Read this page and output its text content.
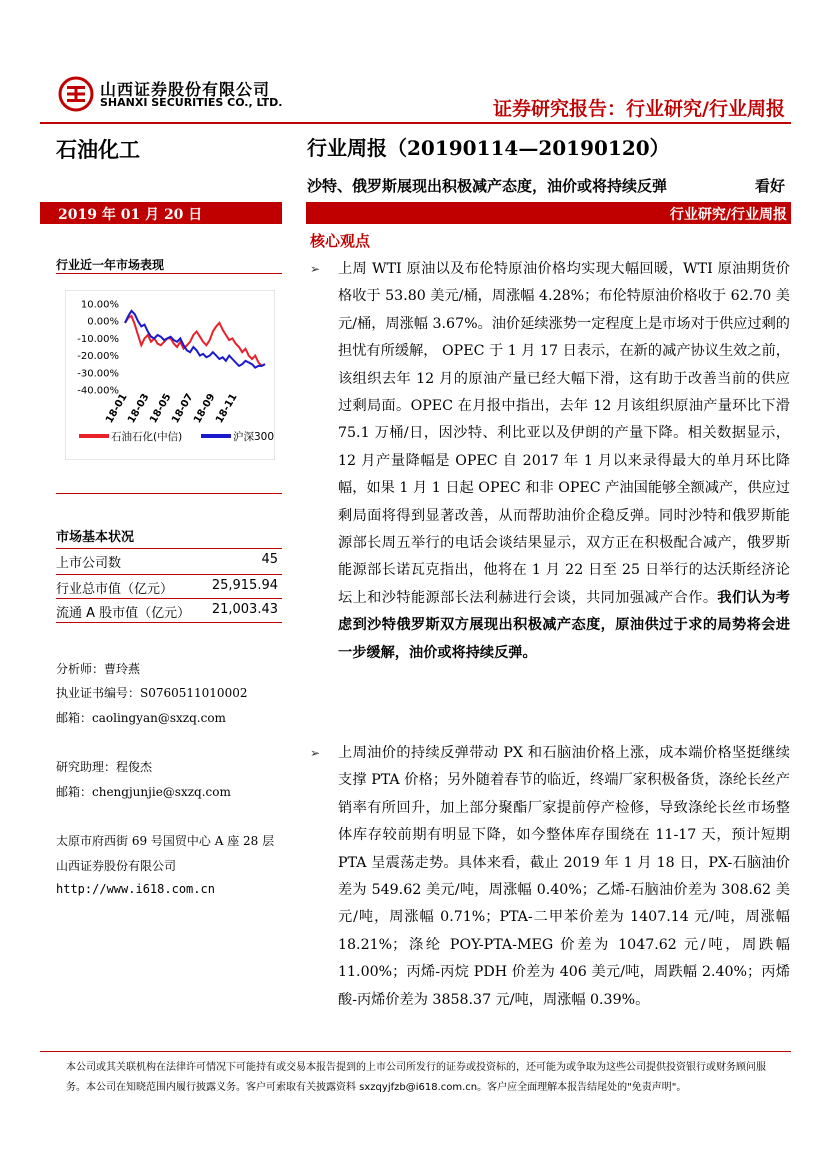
山西证券股份有限公司
SHANXI SECURITIES CO., LTD.	证券研究报告：行业研究/行业周报
石油化工	行业周报（20190114—20190120）
沙特、俄罗斯展现出积极减产态度，油价或将持续反弹	看好
2019 年 01 月 20 日	行业研究/行业周报
核心观点
行业近一年市场表现
10.00%
0.00%
-10.00%
-20.00%
-30.00%
-40.00%
18-01
18-03
18-05
18-07
18-09
18-11
石油石化(中信)	沪深300
市场基本状况
上市公司数	45
行业总市值（亿元）	25,915.94
流通 A 股市值（亿元） 21,003.43
分析师：曹玲燕
执业证书编号：S0760511010002
邮箱：caolingyan@sxzq.com
研究助理：程俊杰
邮箱：chengjunjie@sxzq.com
太原市府西街 69 号国贸中心 A 座 28 层
山西证券股份有限公司
http://www.i618.com.cn
➢ 上周 WTI 原油以及布伦特原油价格均实现大幅回暖，WTI 原油期货价格收于 53.80 美元/桶，周涨幅 4.28%；布伦特原油价格收于 62.70 美元/桶，周涨幅 3.67%。油价延续涨势一定程度上是市场对于供应过剩的担忧有所缓解， OPEC 于 1 月 17 日表示，在新的减产协议生效之前，该组织去年 12 月的原油产量已经大幅下滑，这有助于改善当前的供应过剩局面。OPEC 在月报中指出，去年 12 月该组织原油产量环比下滑 75.1 万桶/日，因沙特、利比亚以及伊朗的产量下降。相关数据显示，12 月产量降幅是 OPEC 自 2017 年 1 月以来录得最大的单月环比降幅，如果 1 月 1 日起 OPEC 和非 OPEC 产油国能够全额减产，供应过剩局面将得到显著改善，从而帮助油价企稳反弹。同时沙特和俄罗斯能源部长周五举行的电话会谈结果显示，双方正在积极配合减产，俄罗斯能源部长诺瓦克指出，他将在 1 月 22 日至 25 日举行的达沃斯经济论坛上和沙特能源部长法利赫进行会谈，共同加强减产合作。我们认为考虑到沙特俄罗斯双方展现出积极减产态度，原油供过于求的局势将会进一步缓解，油价或将持续反弹。
➢ 上周油价的持续反弹带动 PX 和石脑油价格上涨，成本端价格坚挺继续支撑 PTA 价格；另外随着春节的临近，终端厂家积极备货，涤纶长丝产销率有所回升，加上部分聚酯厂家提前停产检修，导致涤纶长丝市场整体库存较前期有明显下降，如今整体库存围绕在 11-17 天，预计短期 PTA 呈震荡走势。具体来看，截止 2019 年 1 月 18 日，PX-石脑油价差为 549.62 美元/吨，周涨幅 0.40%；乙烯-石脑油价差为 308.62 美元/吨，周涨幅 0.71%；PTA-二甲苯价差为 1407.14 元/吨，周涨幅 18.21%；涤纶 POY-PTA-MEG 价差为 1047.62 元/吨，周跌幅 11.00%；丙烯-丙烷 PDH 价差为 406 美元/吨，周跌幅 2.40%；丙烯酸-丙烯价差为 3858.37 元/吨，周涨幅 0.39%。
本公司或其关联机构在法律许可情况下可能持有或交易本报告提到的上市公司所发行的证券或投资标的，还可能为或争取为这些公司提供投资银行或财务顾问服务。本公司在知晓范围内履行披露义务。客户可索取有关披露资料 sxzqyjfzb@i618.com.cn。客户应全面理解本报告结尾处的"免责声明"。
